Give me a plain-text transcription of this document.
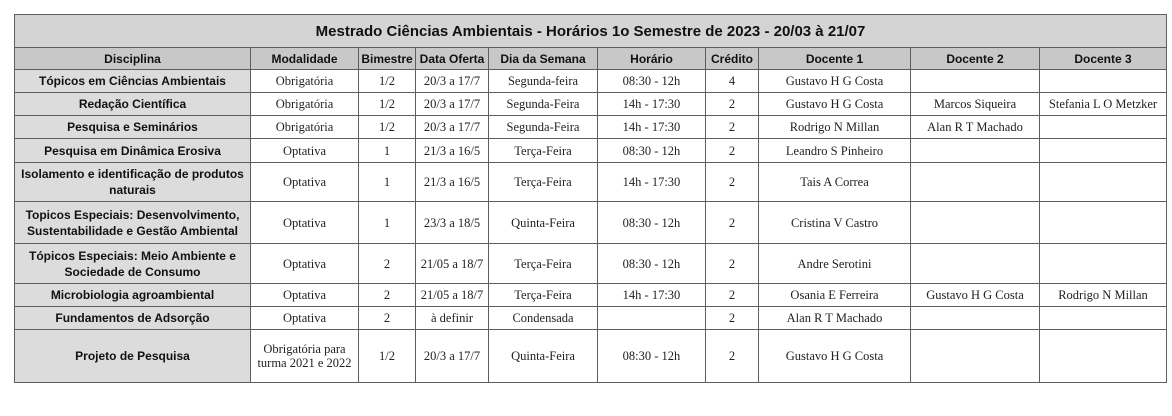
Mestrado Ciências Ambientais - Horários 1o Semestre de 2023 - 20/03 à 21/07									
Disciplina	Modalidade	Bimestre	Data Oferta	Dia da Semana	Horário	Crédito	Docente 1	Docente 2	Docente 3
Tópicos em Ciências Ambientais	Obrigatória	1/2	20/3 a 17/7	Segunda-feira	08:30 - 12h	4	Gustavo H G Costa		
Redação Científica	Obrigatória	1/2	20/3 a 17/7	Segunda-Feira	14h - 17:30	2	Gustavo H G Costa	Marcos Siqueira	Stefania L O Metzker
Pesquisa e Seminários	Obrigatória	1/2	20/3 a 17/7	Segunda-Feira	14h - 17:30	2	Rodrigo N Millan	Alan R T Machado	
Pesquisa em Dinâmica Erosiva	Optativa	1	21/3 a 16/5	Terça-Feira	08:30 - 12h	2	Leandro S Pinheiro		
Isolamento e identificação de produtos naturais	Optativa	1	21/3 a 16/5	Terça-Feira	14h - 17:30	2	Tais A Correa		
Topicos Especiais: Desenvolvimento, Sustentabilidade e Gestão Ambiental	Optativa	1	23/3 a 18/5	Quinta-Feira	08:30 - 12h	2	Cristina V Castro		
Tópicos Especiais: Meio Ambiente e Sociedade de Consumo	Optativa	2	21/05 a 18/7	Terça-Feira	08:30 - 12h	2	Andre Serotini		
Microbiologia agroambiental	Optativa	2	21/05 a 18/7	Terça-Feira	14h - 17:30	2	Osania E Ferreira	Gustavo H G Costa	Rodrigo N Millan
Fundamentos de Adsorção	Optativa	2	à definir	Condensada		2	Alan R T Machado		
Projeto de Pesquisa	Obrigatória para turma 2021 e 2022	1/2	20/3 a 17/7	Quinta-Feira	08:30 - 12h	2	Gustavo H G Costa		
